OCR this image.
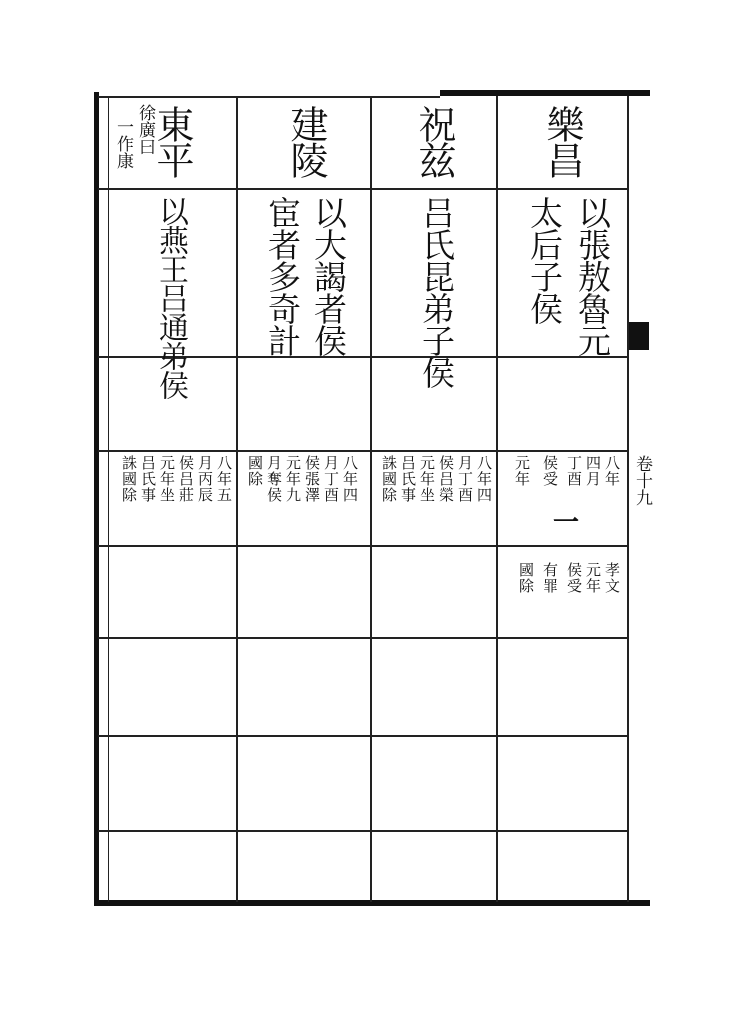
樂昌
祝兹
建陵
東平
徐廣曰
一作康
卷十九
以張敖魯元
太后子侯
吕氏昆弟子侯
以大謁者侯
宦者多奇計
以燕王吕通弟侯
八年
四月
丁酉
侯受
元年
一
八年四
月丁酉
侯吕榮
元年坐
吕氏事
誅國除
八年四
月丁酉
侯張澤
元年九
月奪侯
國除
八年五
月丙辰
侯吕莊
元年坐
吕氏事
誅國除
孝文
元年
侯受
有罪
國除
